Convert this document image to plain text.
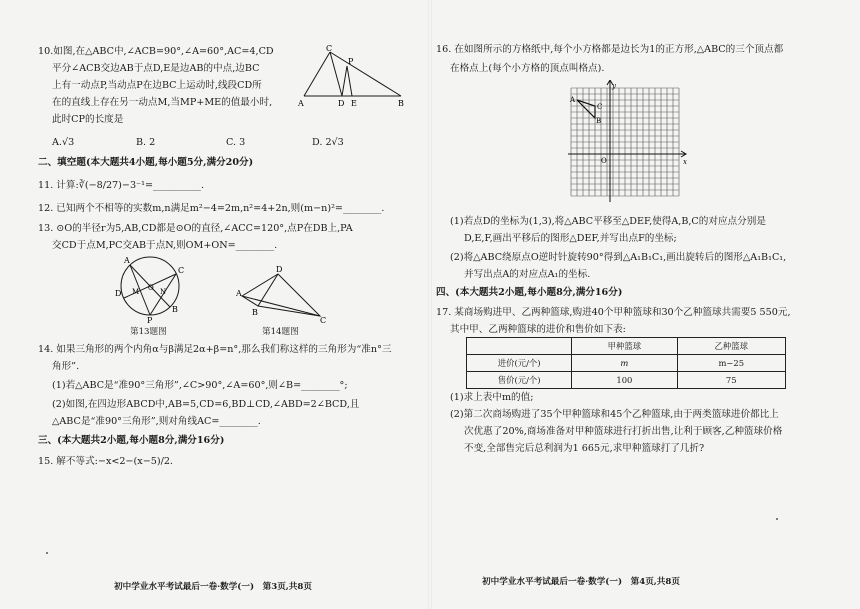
10.如图,在△ABC中,∠ACB=90°,∠A=60°,AC=4,CD
平分∠ACB交边AB于点D,E是边AB的中点,边BC
上有一动点P,当动点P在边BC上运动时,线段CD所
在的直线上存在另一动点M,当MP+ME的值最小时,
此时CP的长度是
C
P
A	D E	B
A.√3	B. 2	C. 3	D. 2√3
二、填空题(本大题共4小题,每小题5分,满分20分)
11. 计算:∛(−8/27)−3⁻¹=__________.
12. 已知两个不相等的实数m,n满足m²−4=2m,n²=4+2n,则(m−n)²=________.
13. ⊙O的半径r为5,AB,CD都是⊙O的直径,∠ACC=120°,点P在DB上,PA
交CD于点M,PC交AB于点N,则OM+ON=________.
A
C
D M O N
B
P
A
D
B
C
第13题图	第14题图
14. 如果三角形的两个内角α与β满足2α+β=n°,那么我们称这样的三角形为“准n°三
角形”.
(1)若△ABC是“准90°三角形”,∠C>90°,∠A=60°,则∠B=________°;
(2)如图,在四边形ABCD中,AB=5,CD=6,BD⊥CD,∠ABD=2∠BCD,且
△ABC是“准90°三角形”,则对角线AC=________.
三、(本大题共2小题,每小题8分,满分16分)
15. 解不等式:−x<2−(x−5)/2.
初中学业水平考试最后一卷·数学(一)　第3页,共8页
16. 在如图所示的方格纸中,每个小方格都是边长为1的正方形,△ABC的三个顶点都
在格点上(每个小方格的顶点叫格点).
y
x
O
A
B
C
(1)若点D的坐标为(1,3),将△ABC平移至△DEF,使得A,B,C的对应点分别是
D,E,F,画出平移后的图形△DEF,并写出点F的坐标;
(2)将△ABC绕原点O逆时针旋转90°得到△A₁B₁C₁,画出旋转后的图形△A₁B₁C₁,
并写出点A的对应点A₁的坐标.
四、(本大题共2小题,每小题8分,满分16分)
17. 某商场购进甲、乙两种篮球,购进40个甲种篮球和30个乙种篮球共需要5 550元,
其中甲、乙两种篮球的进价和售价如下表:
	甲种篮球	乙种篮球
进价(元/个)	m	m−25
售价(元/个)	100	75
(1)求上表中m的值;
(2)第二次商场购进了35个甲种篮球和45个乙种篮球,由于两类篮球进价都比上
次优惠了20%,商场准备对甲种篮球进行打折出售,让利于顾客,乙种篮球价格
不变,全部售完后总利润为1 665元,求甲种篮球打了几折?
初中学业水平考试最后一卷·数学(一)　第4页,共8页
